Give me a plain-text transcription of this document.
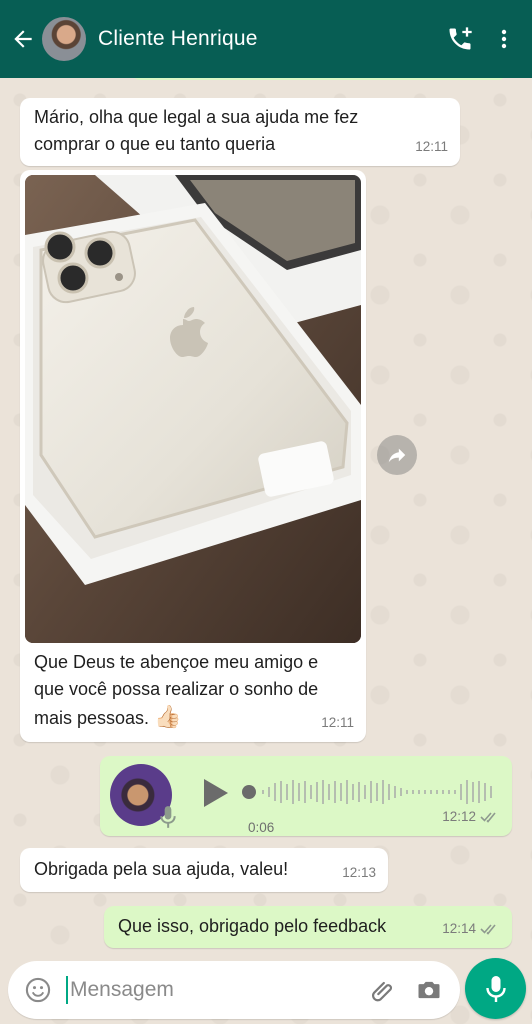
Cliente Henrique
Mário, olha que legal a sua ajuda me fez comprar o que eu tanto queria	12:11
Que Deus te abençoe meu amigo e que você possa realizar o sonho de mais pessoas. 👍🏻	12:11
0:06
12:12
Obrigada pela sua ajuda, valeu!	12:13
Que isso, obrigado pelo feedback	12:14
Mensagem
